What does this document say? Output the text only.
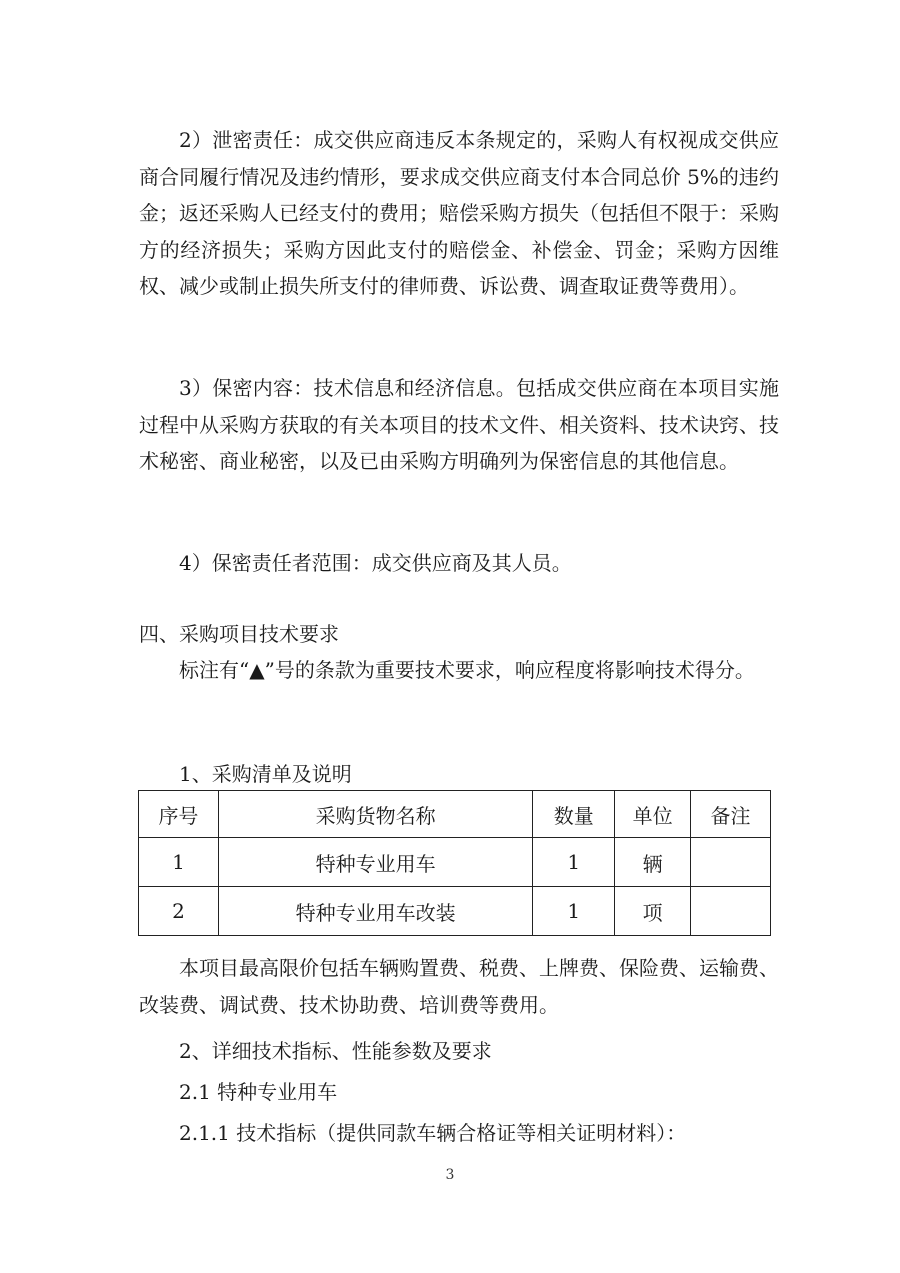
2）泄密责任：成交供应商违反本条规定的，采购人有权视成交供应商合同履行情况及违约情形，要求成交供应商支付本合同总价 5%的违约金；返还采购人已经支付的费用；赔偿采购方损失（包括但不限于：采购方的经济损失；采购方因此支付的赔偿金、补偿金、罚金；采购方因维权、减少或制止损失所支付的律师费、诉讼费、调查取证费等费用）。

3）保密内容：技术信息和经济信息。包括成交供应商在本项目实施过程中从采购方获取的有关本项目的技术文件、相关资料、技术诀窍、技术秘密、商业秘密，以及已由采购方明确列为保密信息的其他信息。

4）保密责任者范围：成交供应商及其人员。

四、采购项目技术要求

标注有“▲”号的条款为重要技术要求，响应程度将影响技术得分。

1、采购清单及说明

序号	采购货物名称	数量	单位	备注
1	特种专业用车	1	辆	
2	特种专业用车改装	1	项	

本项目最高限价包括车辆购置费、税费、上牌费、保险费、运输费、改装费、调试费、技术协助费、培训费等费用。

2、详细技术指标、性能参数及要求

2.1 特种专业用车

2.1.1 技术指标（提供同款车辆合格证等相关证明材料）：

3
